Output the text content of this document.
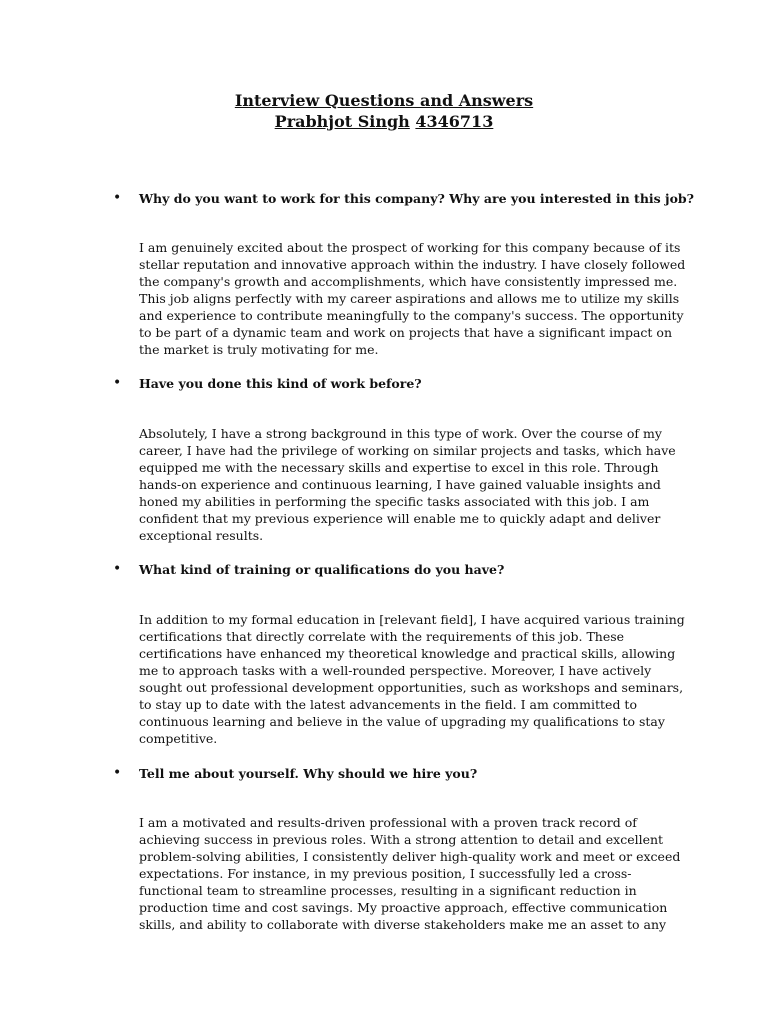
Interview Questions and Answers
Prabhjot Singh 4346713
• Why do you want to work for this company? Why are you interested in this job?
I am genuinely excited about the prospect of working for this company because of its
stellar reputation and innovative approach within the industry. I have closely followed
the company's growth and accomplishments, which have consistently impressed me.
This job aligns perfectly with my career aspirations and allows me to utilize my skills
and experience to contribute meaningfully to the company's success. The opportunity
to be part of a dynamic team and work on projects that have a significant impact on
the market is truly motivating for me.
• Have you done this kind of work before?
Absolutely, I have a strong background in this type of work. Over the course of my
career, I have had the privilege of working on similar projects and tasks, which have
equipped me with the necessary skills and expertise to excel in this role. Through
hands-on experience and continuous learning, I have gained valuable insights and
honed my abilities in performing the specific tasks associated with this job. I am
confident that my previous experience will enable me to quickly adapt and deliver
exceptional results.
• What kind of training or qualifications do you have?
In addition to my formal education in [relevant field], I have acquired various training
certifications that directly correlate with the requirements of this job. These
certifications have enhanced my theoretical knowledge and practical skills, allowing
me to approach tasks with a well-rounded perspective. Moreover, I have actively
sought out professional development opportunities, such as workshops and seminars,
to stay up to date with the latest advancements in the field. I am committed to
continuous learning and believe in the value of upgrading my qualifications to stay
competitive.
• Tell me about yourself. Why should we hire you?
I am a motivated and results-driven professional with a proven track record of
achieving success in previous roles. With a strong attention to detail and excellent
problem-solving abilities, I consistently deliver high-quality work and meet or exceed
expectations. For instance, in my previous position, I successfully led a cross-
functional team to streamline processes, resulting in a significant reduction in
production time and cost savings. My proactive approach, effective communication
skills, and ability to collaborate with diverse stakeholders make me an asset to any
